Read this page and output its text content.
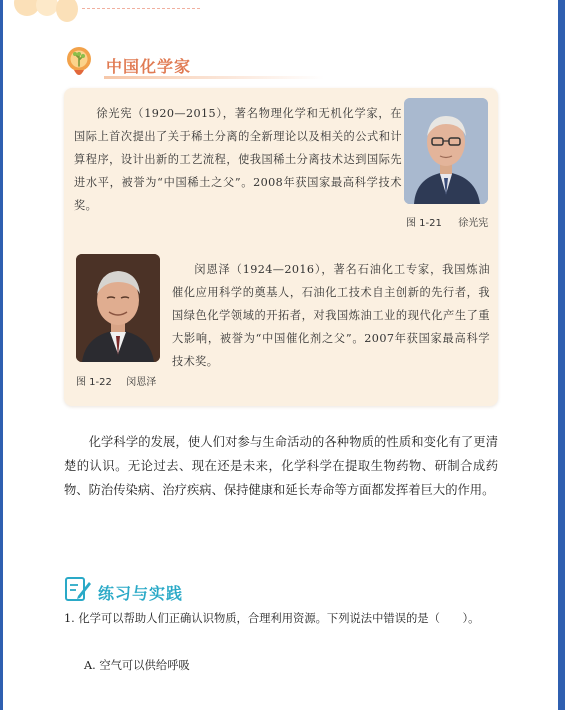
中国化学家

徐光宪（1920—2015），著名物理化学和无机化学家，在国际上首次提出了关于稀土分离的全新理论以及相关的公式和计算程序，设计出新的工艺流程，使我国稀土分离技术达到国际先进水平，被誉为“中国稀土之父”。2008年获国家最高科学技术奖。

图 1-21 徐光宪

闵恩泽（1924—2016），著名石油化工专家，我国炼油催化应用科学的奠基人，石油化工技术自主创新的先行者，我国绿色化学领域的开拓者，对我国炼油工业的现代化产生了重大影响，被誉为“中国催化剂之父”。2007年获国家最高科学技术奖。

图 1-22 闵恩泽

化学科学的发展，使人们对参与生命活动的各种物质的性质和变化有了更清楚的认识。无论过去、现在还是未来，化学科学在提取生物药物、研制合成药物、防治传染病、治疗疾病、保持健康和延长寿命等方面都发挥着巨大的作用。

练习与实践

1. 化学可以帮助人们正确认识物质，合理利用资源。下列说法中错误的是（　　）。

A. 空气可以供给呼吸
